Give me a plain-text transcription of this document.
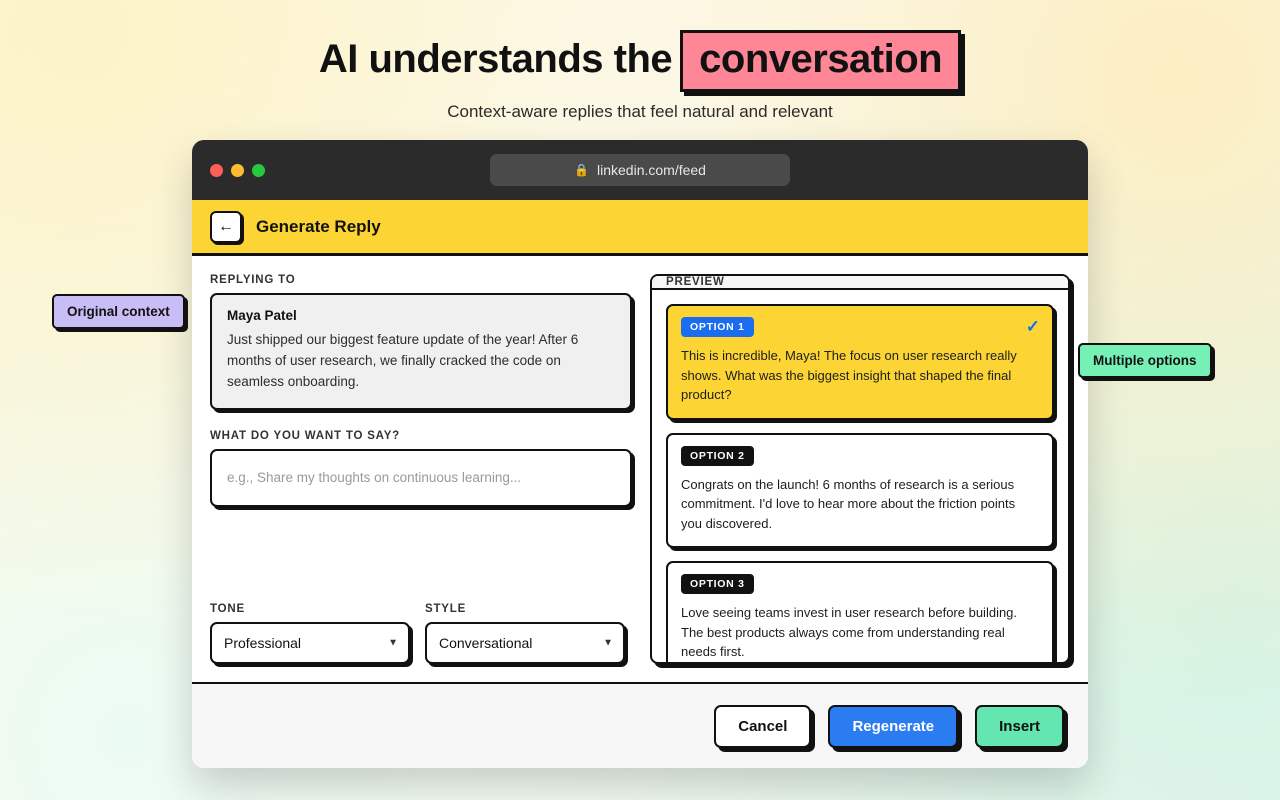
AI understands the conversation
Context-aware replies that feel natural and relevant
🔒 linkedin.com/feed
← Generate Reply
REPLYING TO
Maya Patel
Just shipped our biggest feature update of the year! After 6 months of user research, we finally cracked the code on seamless onboarding.
WHAT DO YOU WANT TO SAY?
e.g., Share my thoughts on continuous learning...
TONE
Professional
▼
STYLE
Conversational
▼
PREVIEW
OPTION 1	✓
This is incredible, Maya! The focus on user research really shows. What was the biggest insight that shaped the final product?
OPTION 2
Congrats on the launch! 6 months of research is a serious commitment. I'd love to hear more about the friction points you discovered.
OPTION 3
Love seeing teams invest in user research before building. The best products always come from understanding real needs first.
Cancel	Regenerate	Insert
Original context
Multiple options
